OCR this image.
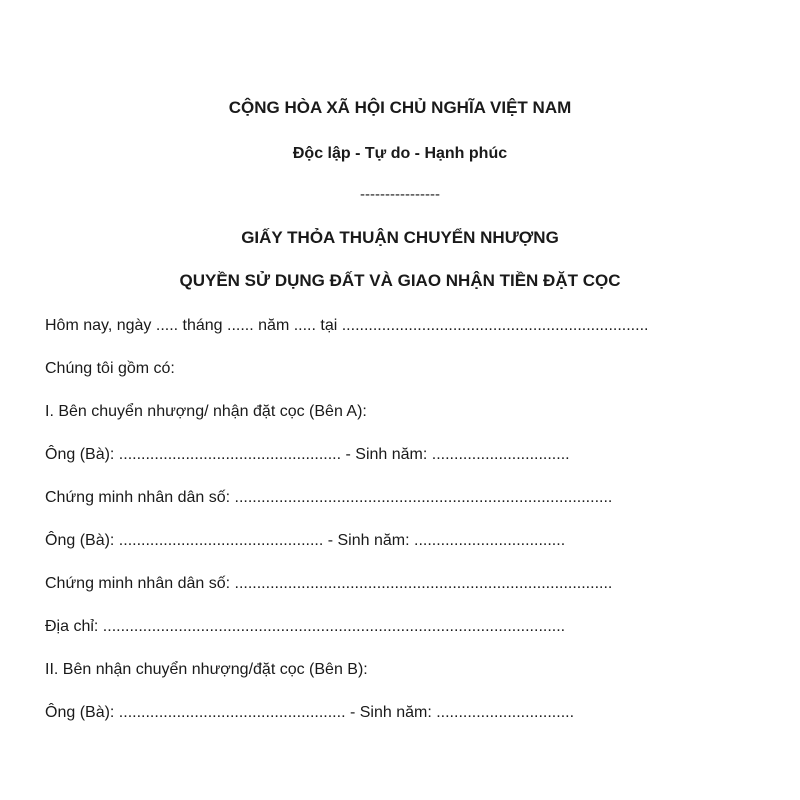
CỘNG HÒA XÃ HỘI CHỦ NGHĨA VIỆT NAM
Độc lập - Tự do - Hạnh phúc
----------------
GIẤY THỎA THUẬN CHUYỂN NHƯỢNG
QUYỀN SỬ DỤNG ĐẤT VÀ GIAO NHẬN TIỀN ĐẶT CỌC
Hôm nay, ngày ..... tháng ...... năm ..... tại .....................................................................
Chúng tôi gồm có:
I. Bên chuyển nhượng/ nhận đặt cọc (Bên A):
Ông (Bà): .................................................. - Sinh năm: ...............................
Chứng minh nhân dân số: .....................................................................................
Ông (Bà): .............................................. - Sinh năm: ..................................
Chứng minh nhân dân số: .....................................................................................
Địa chỉ: ........................................................................................................
II. Bên nhận chuyển nhượng/đặt cọc (Bên B):
Ông (Bà): ................................................... - Sinh năm: ...............................
